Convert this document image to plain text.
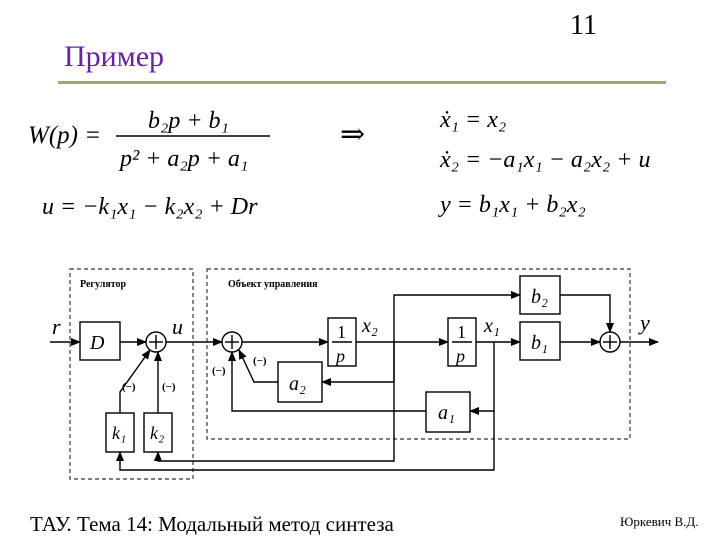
11
Пример
W(p) =
b₂p + b₁
p² + a₂p + a₁
u = −k₁x₁ − k₂x₂ + Dr
⇒	ẋ₁ = x₂
ẋ₂ = −a₁x₁ − a₂x₂ + u
y = b₁x₁ + b₂x₂
Регулятор	Объект управления
r	u	x₂	x₁	y
D	b₁
b₂
a₁
a₂
k₁ k₂
1
p
1
p
(−) (−)
(−)
(−)
ТАУ. Тема 14: Модальный метод синтеза	Юркевич В.Д.
